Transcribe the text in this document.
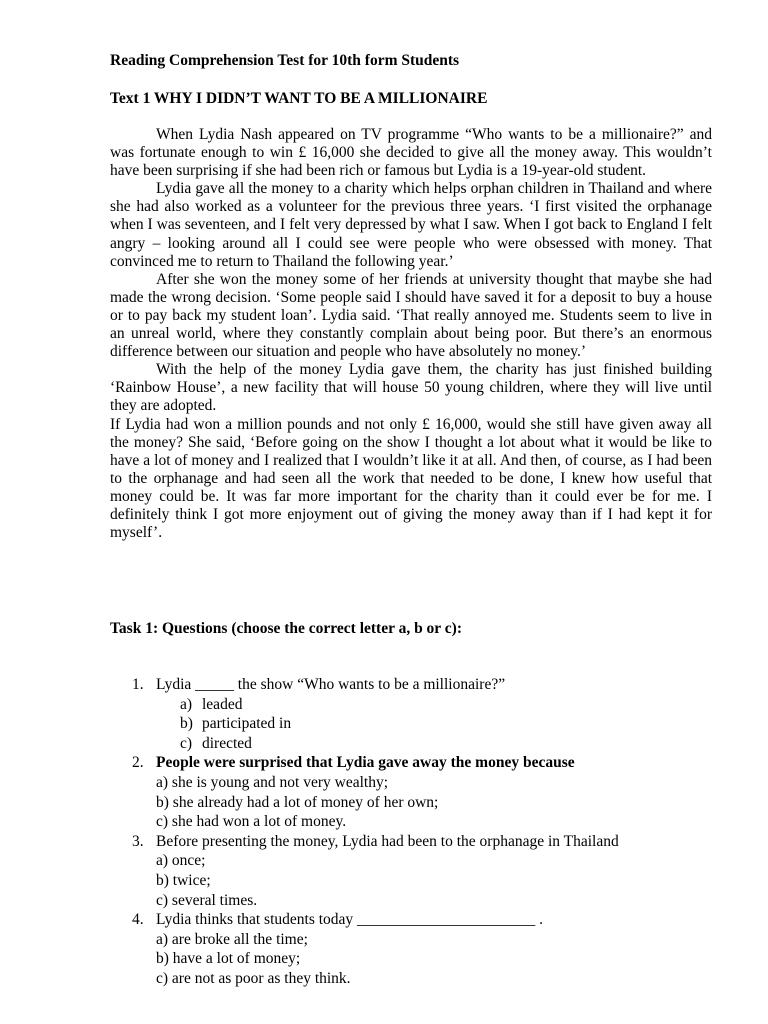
Reading Comprehension Test for 10th form Students
Text 1 WHY I DIDN’T WANT TO BE A MILLIONAIRE

When Lydia Nash appeared on TV programme “Who wants to be a millionaire?” and was fortunate enough to win £ 16,000 she decided to give all the money away. This wouldn’t have been surprising if she had been rich or famous but Lydia is a 19-year-old student.

Lydia gave all the money to a charity which helps orphan children in Thailand and where she had also worked as a volunteer for the previous three years. ‘I first visited the orphanage when I was seventeen, and I felt very depressed by what I saw. When I got back to England I felt angry – looking around all I could see were people who were obsessed with money. That convinced me to return to Thailand the following year.’

After she won the money some of her friends at university thought that maybe she had made the wrong decision. ‘Some people said I should have saved it for a deposit to buy a house or to pay back my student loan’. Lydia said. ‘That really annoyed me. Students seem to live in an unreal world, where they constantly complain about being poor. But there’s an enormous difference between our situation and people who have absolutely no money.’

With the help of the money Lydia gave them, the charity has just finished building ‘Rainbow House’, a new facility that will house 50 young children, where they will live until they are adopted.

If Lydia had won a million pounds and not only £ 16,000, would she still have given away all the money? She said, ‘Before going on the show I thought a lot about what it would be like to have a lot of money and I realized that I wouldn’t like it at all. And then, of course, as I had been to the orphanage and had seen all the work that needed to be done, I knew how useful that money could be. It was far more important for the charity than it could ever be for me. I definitely think I got more enjoyment out of giving the money away than if I had kept it for myself’.

Task 1: Questions (choose the correct letter a, b or c):
1. Lydia _____ the show “Who wants to be a millionaire?”
a) leaded
b) participated in
c) directed
2. People were surprised that Lydia gave away the money because
a) she is young and not very wealthy;
b) she already had a lot of money of her own;
c) she had won a lot of money.
3. Before presenting the money, Lydia had been to the orphanage in Thailand
a) once;
b) twice;
c) several times.
4. Lydia thinks that students today _______________________ .
a) are broke all the time;
b) have a lot of money;
c) are not as poor as they think.
